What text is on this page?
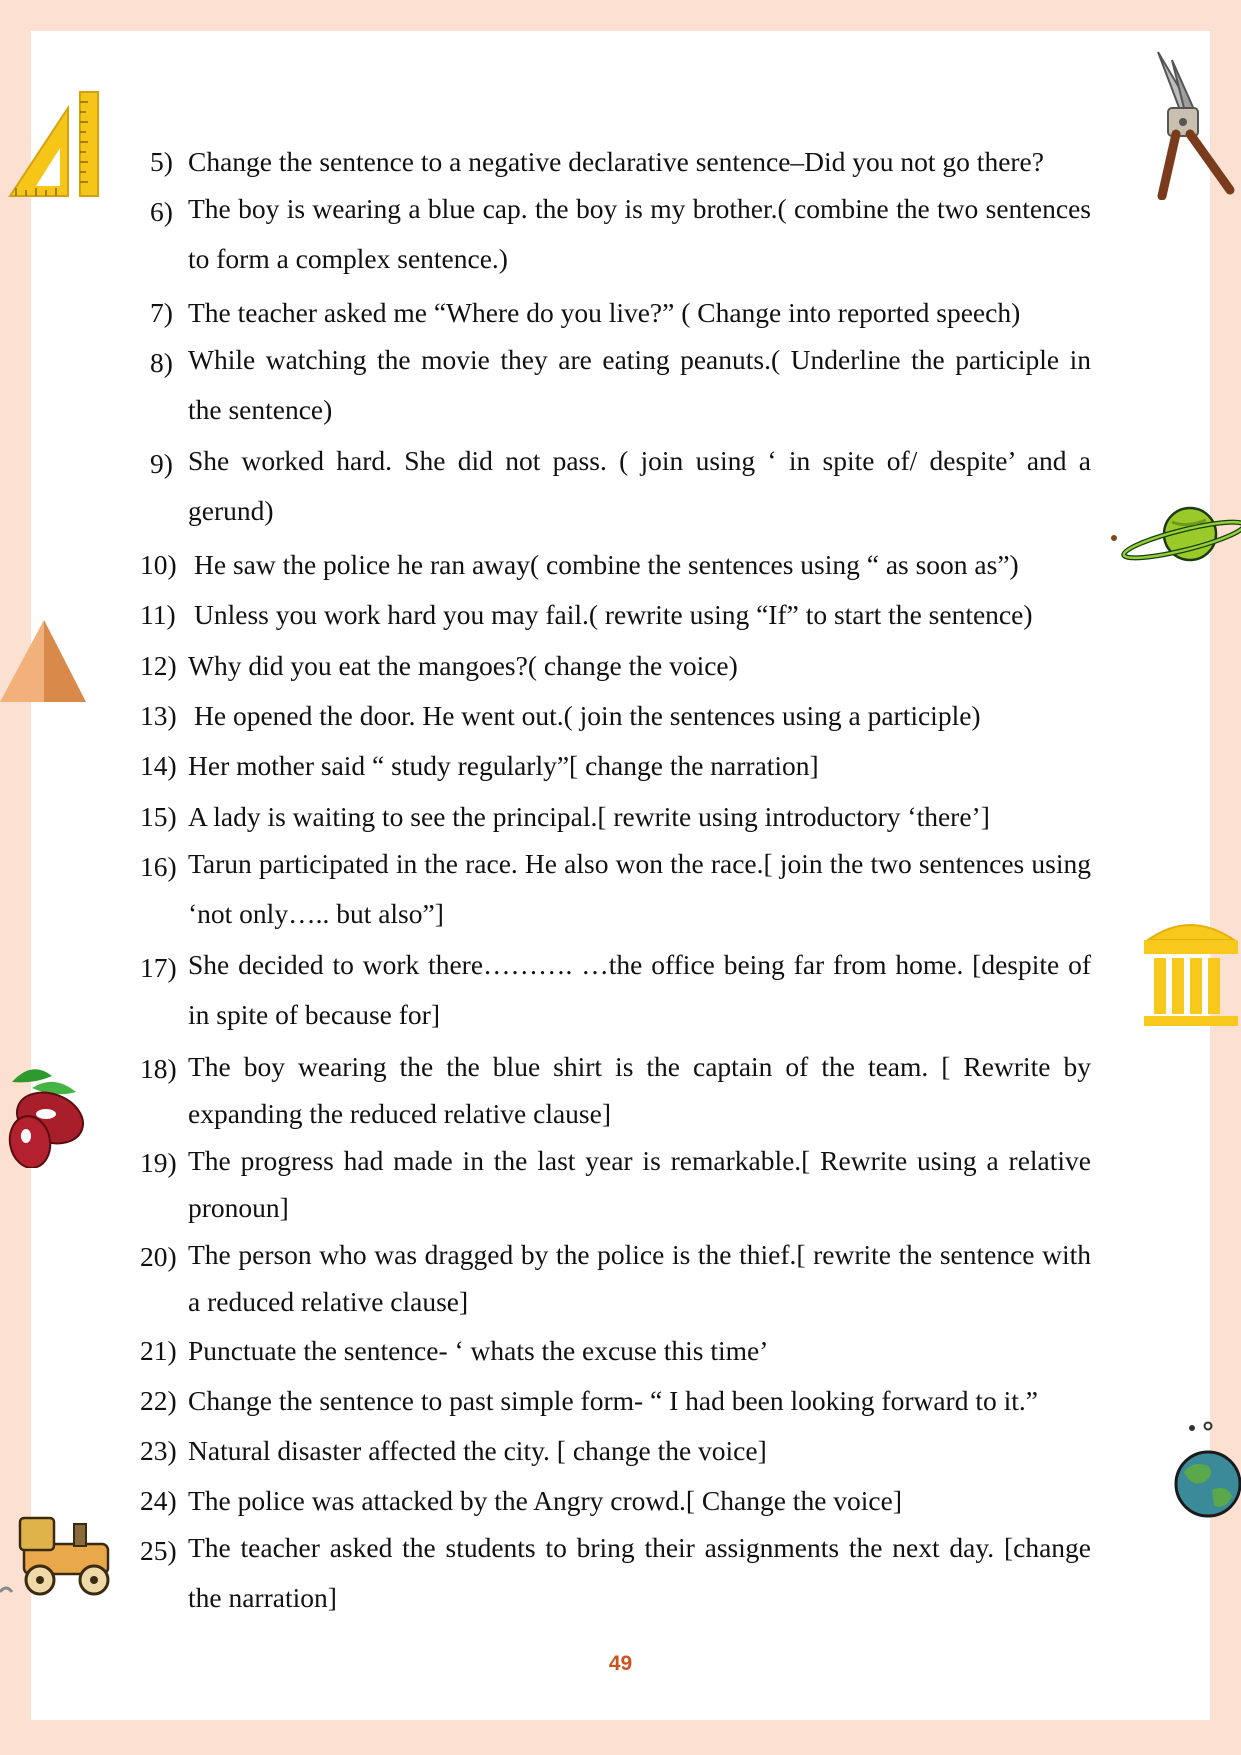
5) Change the sentence to a negative declarative sentence–Did you not go there?
6) The boy is wearing a blue cap. the boy is my brother.( combine the two sentences to form a complex sentence.)
7) The teacher asked me “Where do you live?” ( Change into reported speech)
8) While watching the movie they are eating peanuts.( Underline the participle in the sentence)
9) She worked hard. She did not pass. ( join using ‘ in spite of/ despite’ and a gerund)
10) He saw the police he ran away( combine the sentences using “ as soon as”)
11) Unless you work hard you may fail.( rewrite using “If” to start the sentence)
12) Why did you eat the mangoes?( change the voice)
13) He opened the door. He went out.( join the sentences using a participle)
14) Her mother said “ study regularly”[ change the narration]
15) A lady is waiting to see the principal.[ rewrite using introductory ‘there’]
16) Tarun participated in the race. He also won the race.[ join the two sentences using ‘not only….. but also”]
17) She decided to work there………. …the office being far from home. [despite of in spite of because for]
18) The boy wearing the the blue shirt is the captain of the team. [ Rewrite by expanding the reduced relative clause]
19) The progress had made in the last year is remarkable.[ Rewrite using a relative pronoun]
20) The person who was dragged by the police is the thief.[ rewrite the sentence with a reduced relative clause]
21) Punctuate the sentence- ‘ whats the excuse this time’
22) Change the sentence to past simple form- “ I had been looking forward to it.”
23) Natural disaster affected the city. [ change the voice]
24) The police was attacked by the Angry crowd.[ Change the voice]
25) The teacher asked the students to bring their assignments the next day. [change the narration]
49
